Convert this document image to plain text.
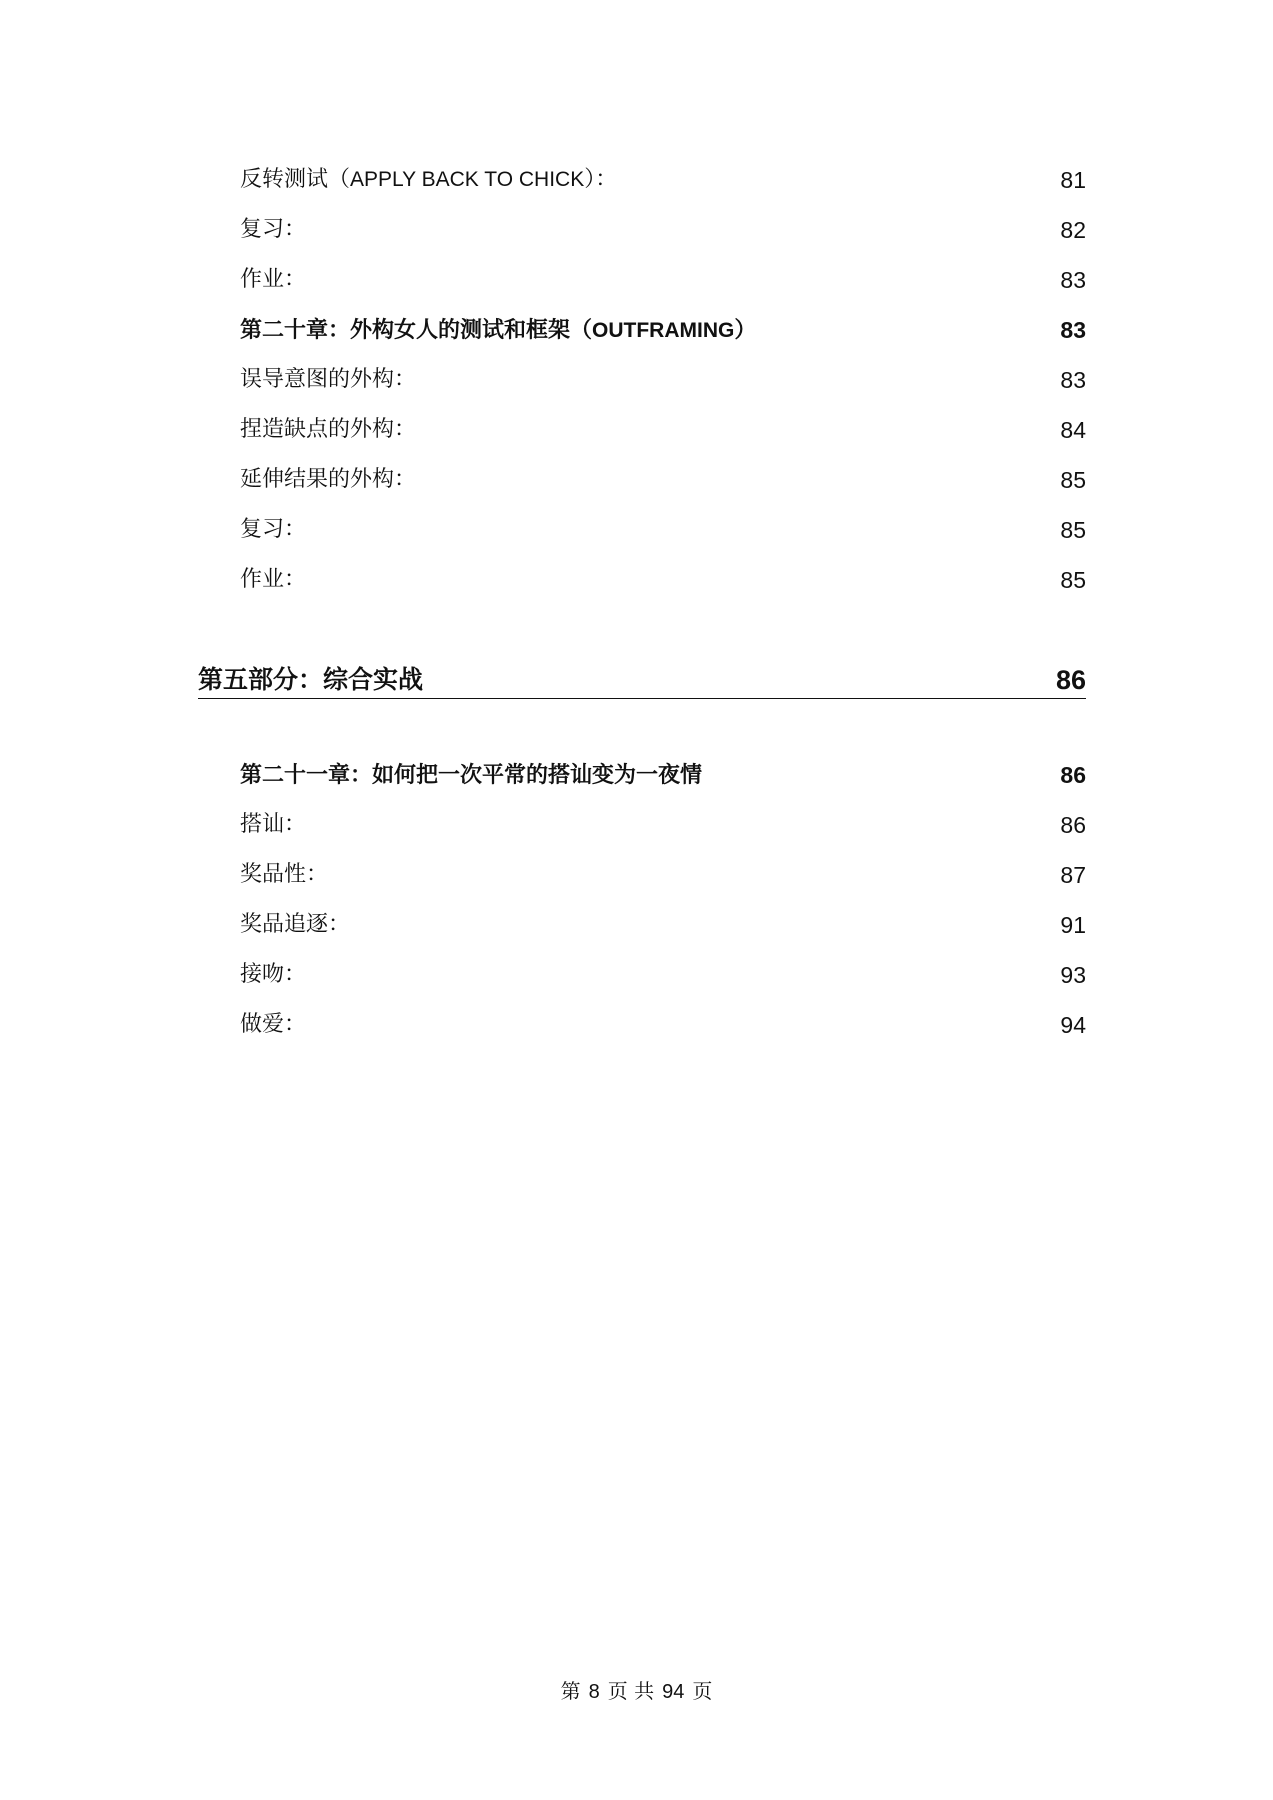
反转测试（APPLY BACK TO CHICK）：	81
复习：	82
作业：	83
第二十章：外构女人的测试和框架（OUTFRAMING）	83
误导意图的外构：	83
捏造缺点的外构：	84
延伸结果的外构：	85
复习：	85
作业：	85
第五部分：综合实战	86
第二十一章：如何把一次平常的搭讪变为一夜情	86
搭讪：	86
奖品性：	87
奖品追逐：	91
接吻：	93
做爱：	94
第 8 页 共 94 页
